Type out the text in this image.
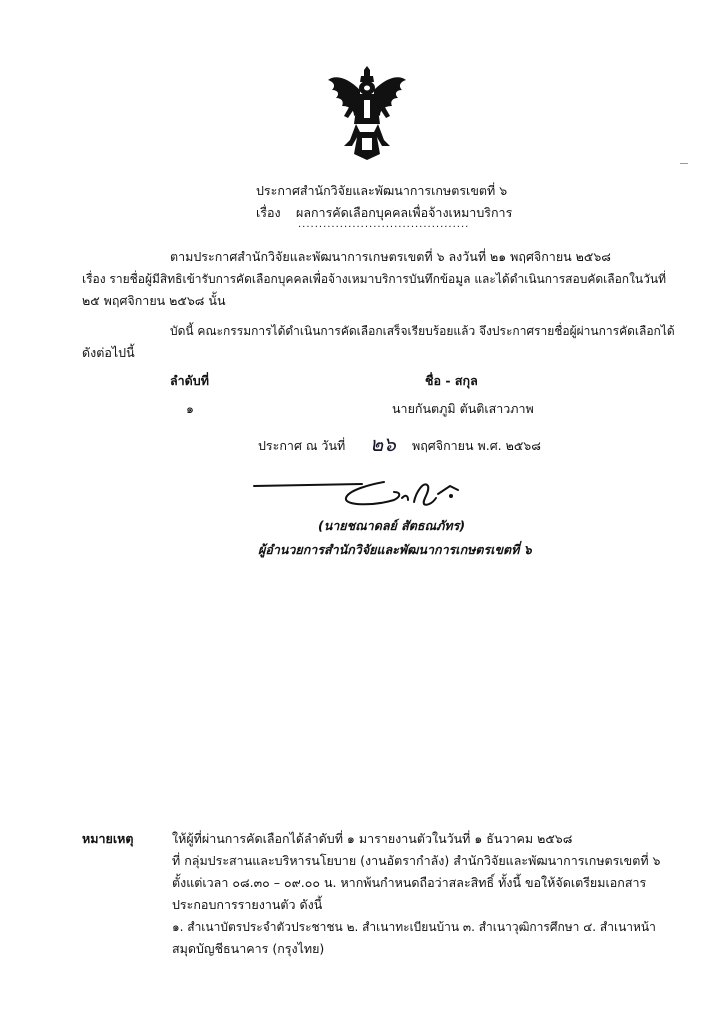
ประกาศสำนักวิจัยและพัฒนาการเกษตรเขตที่ ๖
เรื่อง ผลการคัดเลือกบุคคลเพื่อจ้างเหมาบริการ
.........................................
ตามประกาศสำนักวิจัยและพัฒนาการเกษตรเขตที่ ๖ ลงวันที่ ๒๑ พฤศจิกายน ๒๕๖๘
เรื่อง รายชื่อผู้มีสิทธิเข้ารับการคัดเลือกบุคคลเพื่อจ้างเหมาบริการบันทึกข้อมูล และได้ดำเนินการสอบคัดเลือกในวันที่
๒๕ พฤศจิกายน ๒๕๖๘ นั้น
บัดนี้ คณะกรรมการได้ดำเนินการคัดเลือกเสร็จเรียบร้อยแล้ว จึงประกาศรายชื่อผู้ผ่านการคัดเลือกได้
ดังต่อไปนี้
ลำดับที่	ชื่อ - สกุล
๑	นายกันตภูมิ ตันติเสาวภาพ
ประกาศ ณ วันที่ ๒๖ พฤศจิกายน พ.ศ. ๒๕๖๘
(นายชณาดลย์ สัตธณภัทร)
ผู้อำนวยการสำนักวิจัยและพัฒนาการเกษตรเขตที่ ๖
หมายเหตุ	ให้ผู้ที่ผ่านการคัดเลือกได้ลำดับที่ ๑ มารายงานตัวในวันที่ ๑ ธันวาคม ๒๕๖๘
ที่ กลุ่มประสานและบริหารนโยบาย (งานอัตรากำลัง) สำนักวิจัยและพัฒนาการเกษตรเขตที่ ๖
ตั้งแต่เวลา ๐๘.๓๐ – ๐๙.๐๐ น. หากพ้นกำหนดถือว่าสละสิทธิ์ ทั้งนี้ ขอให้จัดเตรียมเอกสาร
ประกอบการรายงานตัว ดังนี้
๑. สำเนาบัตรประจำตัวประชาชน ๒. สำเนาทะเบียนบ้าน ๓. สำเนาวุฒิการศึกษา ๔. สำเนาหน้า
สมุดบัญชีธนาคาร (กรุงไทย)
